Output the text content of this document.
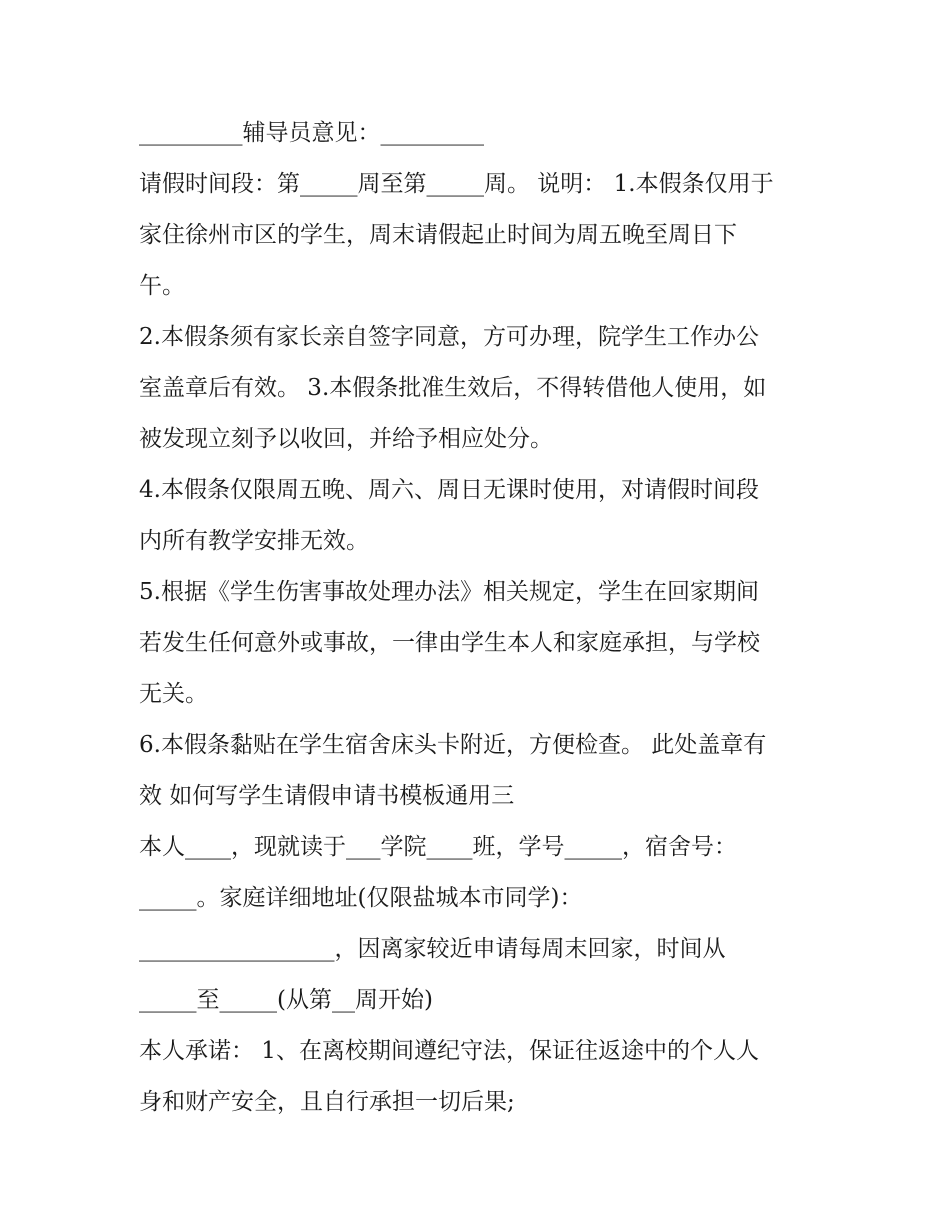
_________辅导员意见：_________
请假时间段：第_____周至第_____周。 说明： 1.本假条仅用于
家住徐州市区的学生，周末请假起止时间为周五晚至周日下
午。
2.本假条须有家长亲自签字同意，方可办理，院学生工作办公
室盖章后有效。 3.本假条批准生效后，不得转借他人使用，如
被发现立刻予以收回，并给予相应处分。
4.本假条仅限周五晚、周六、周日无课时使用，对请假时间段
内所有教学安排无效。
5.根据《学生伤害事故处理办法》相关规定，学生在回家期间
若发生任何意外或事故，一律由学生本人和家庭承担，与学校
无关。
6.本假条黏贴在学生宿舍床头卡附近，方便检查。 此处盖章有
效 如何写学生请假申请书模板通用三
本人____，现就读于___学院____班，学号_____，宿舍号：
_____。家庭详细地址(仅限盐城本市同学)：
_________________，因离家较近申请每周末回家，时间从
_____至_____(从第__周开始)
本人承诺： 1、在离校期间遵纪守法，保证往返途中的个人人
身和财产安全，且自行承担一切后果;
